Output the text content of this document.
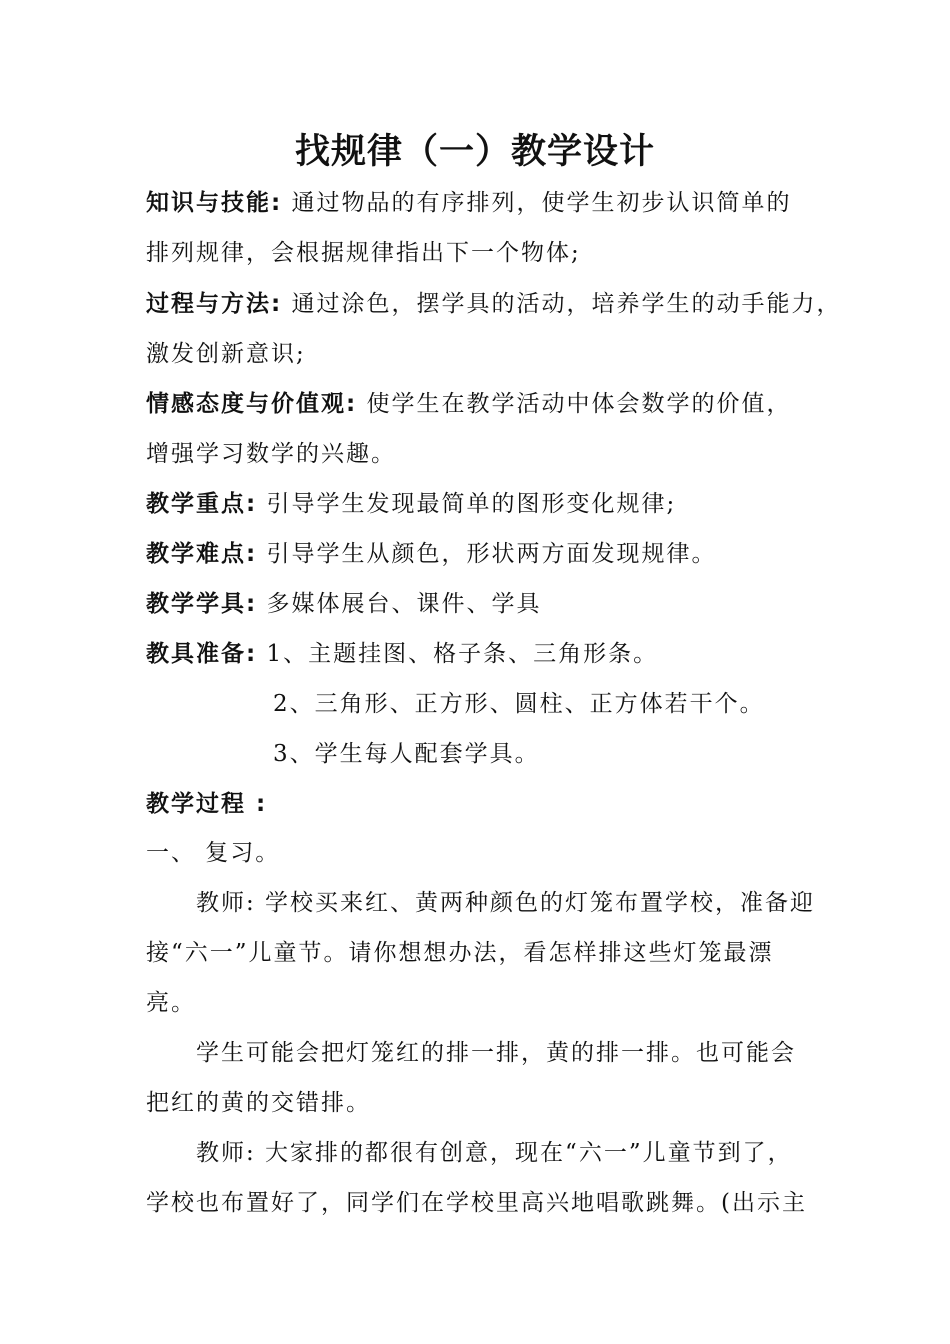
找规律（一）教学设计
知识与技能: 通过物品的有序排列，使学生初步认识简单的
排列规律，会根据规律指出下一个物体;
过程与方法: 通过涂色，摆学具的活动，培养学生的动手能力，
激发创新意识;
情感态度与价值观: 使学生在教学活动中体会数学的价值，
增强学习数学的兴趣。
教学重点: 引导学生发现最简单的图形变化规律;
教学难点: 引导学生从颜色，形状两方面发现规律。
教学学具: 多媒体展台、课件、学具
教具准备: 1、主题挂图、格子条、三角形条。
2、三角形、正方形、圆柱、正方体若干个。
3、学生每人配套学具。
教学过程 :
一、 复习。
教师: 学校买来红、黄两种颜色的灯笼布置学校，准备迎
接“六一”儿童节。请你想想办法，看怎样排这些灯笼最漂
亮。
学生可能会把灯笼红的排一排，黄的排一排。也可能会
把红的黄的交错排。
教师: 大家排的都很有创意，现在“六一”儿童节到了，
学校也布置好了，同学们在学校里高兴地唱歌跳舞。(出示主
